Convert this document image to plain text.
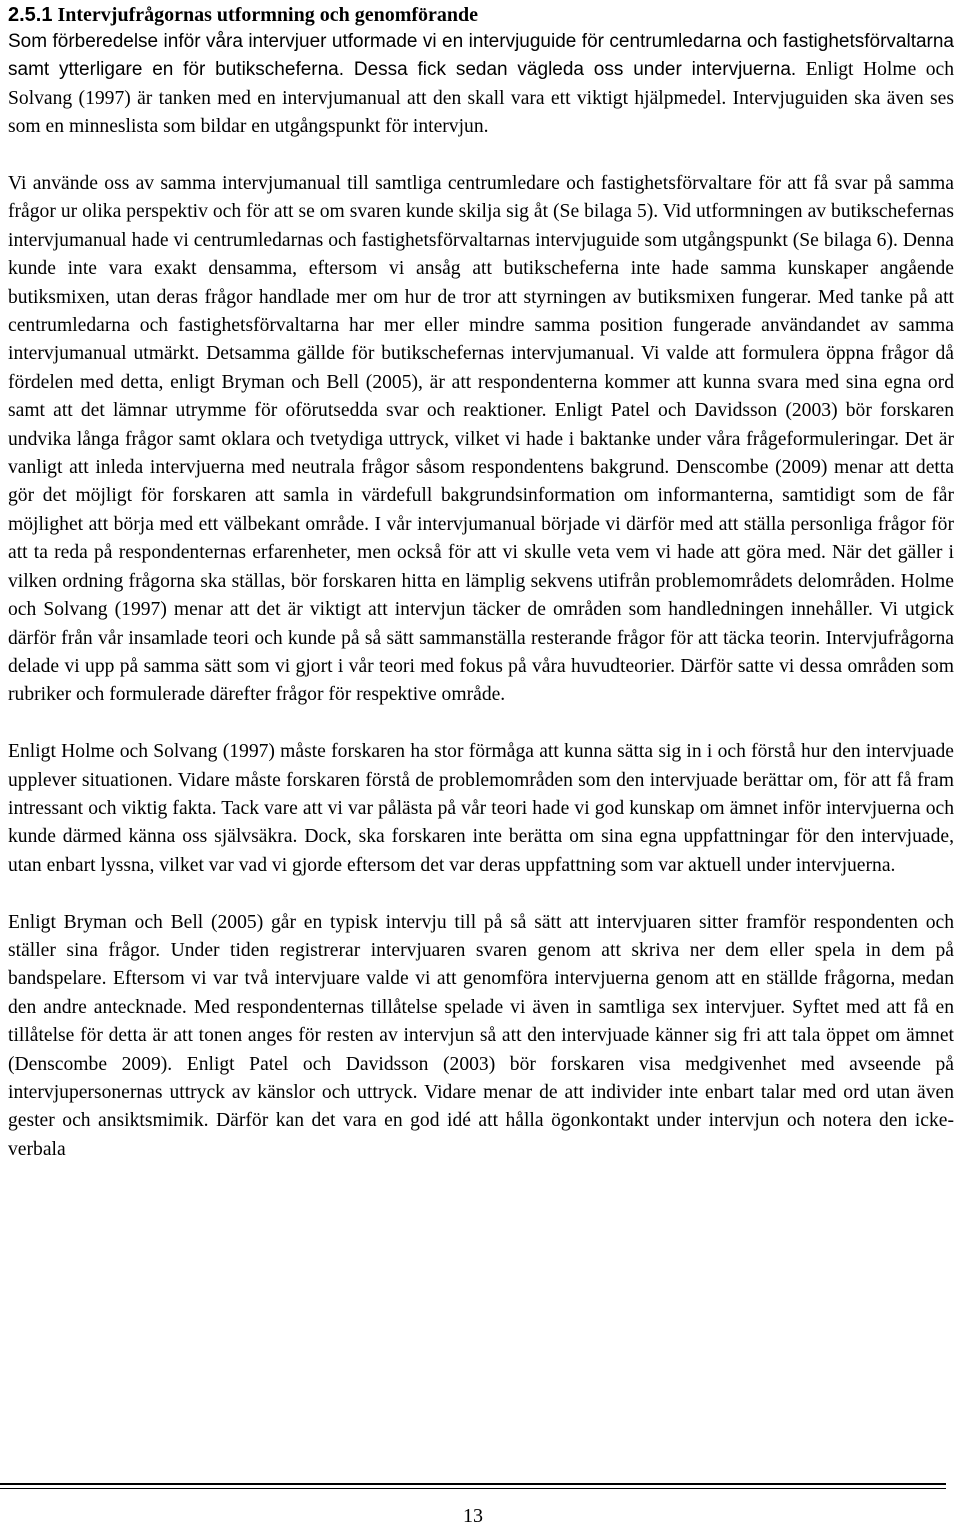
2.5.1 Intervjufrågornas utformning och genomförande

Som förberedelse inför våra intervjuer utformade vi en intervjuguide för centrumledarna och fastighetsförvaltarna samt ytterligare en för butikscheferna. Dessa fick sedan vägleda oss under intervjuerna. Enligt Holme och Solvang (1997) är tanken med en intervjumanual att den skall vara ett viktigt hjälpmedel. Intervjuguiden ska även ses som en minneslista som bildar en utgångspunkt för intervjun.

Vi använde oss av samma intervjumanual till samtliga centrumledare och fastighetsförvaltare för att få svar på samma frågor ur olika perspektiv och för att se om svaren kunde skilja sig åt (Se bilaga 5). Vid utformningen av butikschefernas intervjumanual hade vi centrumledarnas och fastighetsförvaltarnas intervjuguide som utgångspunkt (Se bilaga 6). Denna kunde inte vara exakt densamma, eftersom vi ansåg att butikscheferna inte hade samma kunskaper angående butiksmixen, utan deras frågor handlade mer om hur de tror att styrningen av butiksmixen fungerar. Med tanke på att centrumledarna och fastighetsförvaltarna har mer eller mindre samma position fungerade användandet av samma intervjumanual utmärkt. Detsamma gällde för butikschefernas intervjumanual. Vi valde att formulera öppna frågor då fördelen med detta, enligt Bryman och Bell (2005), är att respondenterna kommer att kunna svara med sina egna ord samt att det lämnar utrymme för oförutsedda svar och reaktioner. Enligt Patel och Davidsson (2003) bör forskaren undvika långa frågor samt oklara och tvetydiga uttryck, vilket vi hade i baktanke under våra frågeformuleringar. Det är vanligt att inleda intervjuerna med neutrala frågor såsom respondentens bakgrund. Denscombe (2009) menar att detta gör det möjligt för forskaren att samla in värdefull bakgrundsinformation om informanterna, samtidigt som de får möjlighet att börja med ett välbekant område. I vår intervjumanual började vi därför med att ställa personliga frågor för att ta reda på respondenternas erfarenheter, men också för att vi skulle veta vem vi hade att göra med. När det gäller i vilken ordning frågorna ska ställas, bör forskaren hitta en lämplig sekvens utifrån problemområdets delområden. Holme och Solvang (1997) menar att det är viktigt att intervjun täcker de områden som handledningen innehåller. Vi utgick därför från vår insamlade teori och kunde på så sätt sammanställa resterande frågor för att täcka teorin. Intervjufrågorna delade vi upp på samma sätt som vi gjort i vår teori med fokus på våra huvudteorier. Därför satte vi dessa områden som rubriker och formulerade därefter frågor för respektive område.

Enligt Holme och Solvang (1997) måste forskaren ha stor förmåga att kunna sätta sig in i och förstå hur den intervjuade upplever situationen. Vidare måste forskaren förstå de problemområden som den intervjuade berättar om, för att få fram intressant och viktig fakta. Tack vare att vi var pålästa på vår teori hade vi god kunskap om ämnet inför intervjuerna och kunde därmed känna oss självsäkra. Dock, ska forskaren inte berätta om sina egna uppfattningar för den intervjuade, utan enbart lyssna, vilket var vad vi gjorde eftersom det var deras uppfattning som var aktuell under intervjuerna.

Enligt Bryman och Bell (2005) går en typisk intervju till på så sätt att intervjuaren sitter framför respondenten och ställer sina frågor. Under tiden registrerar intervjuaren svaren genom att skriva ner dem eller spela in dem på bandspelare. Eftersom vi var två intervjuare valde vi att genomföra intervjuerna genom att en ställde frågorna, medan den andre antecknade. Med respondenternas tillåtelse spelade vi även in samtliga sex intervjuer. Syftet med att få en tillåtelse för detta är att tonen anges för resten av intervjun så att den intervjuade känner sig fri att tala öppet om ämnet (Denscombe 2009). Enligt Patel och Davidsson (2003) bör forskaren visa medgivenhet med avseende på intervjupersonernas uttryck av känslor och uttryck. Vidare menar de att individer inte enbart talar med ord utan även gester och ansiktsmimik. Därför kan det vara en god idé att hålla ögonkontakt under intervjun och notera den icke-verbala

13
